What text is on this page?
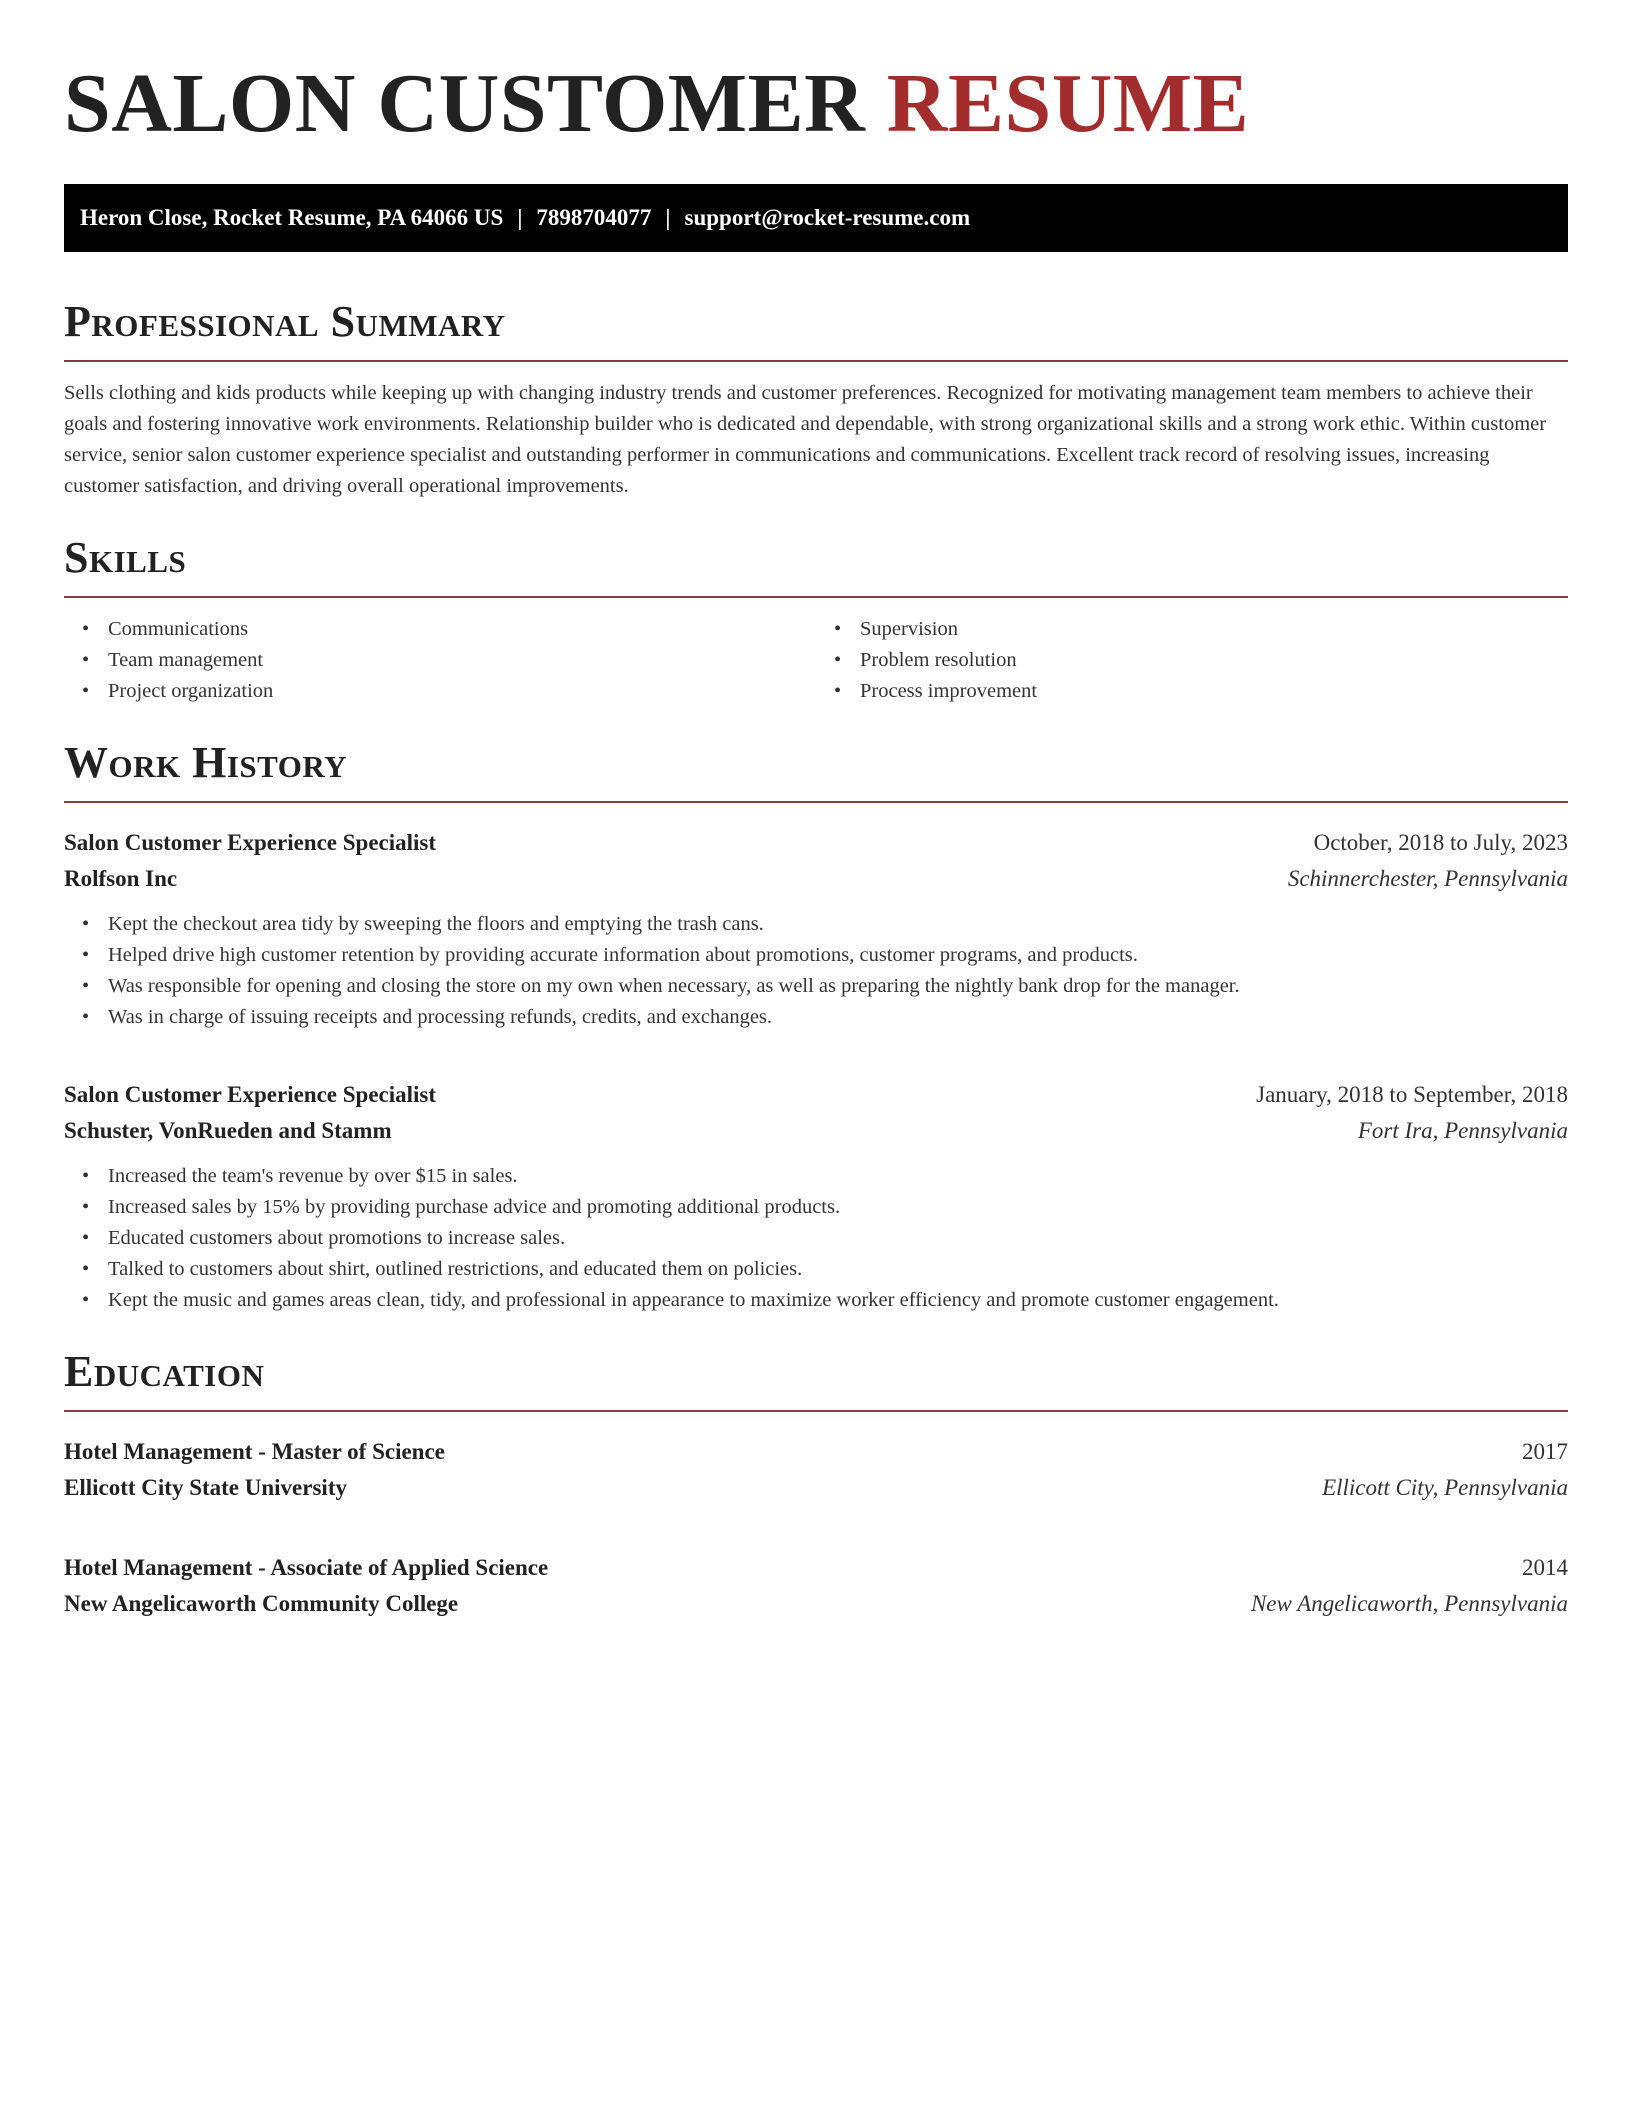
SALON CUSTOMER RESUME
Heron Close, Rocket Resume, PA 64066 US | 7898704077 | support@rocket-resume.com
Professional Summary

Sells clothing and kids products while keeping up with changing industry trends and customer preferences. Recognized for motivating management team members to achieve their goals and fostering innovative work environments. Relationship builder who is dedicated and dependable, with strong organizational skills and a strong work ethic. Within customer service, senior salon customer experience specialist and outstanding performer in communications and communications. Excellent track record of resolving issues, increasing customer satisfaction, and driving overall operational improvements.

Skills
• Communications
• Team management
• Project organization
• Supervision
• Problem resolution
• Process improvement
Work History
Salon Customer Experience Specialist	October, 2018 to July, 2023
Rolfson Inc	Schinnerchester, Pennsylvania
• Kept the checkout area tidy by sweeping the floors and emptying the trash cans.
• Helped drive high customer retention by providing accurate information about promotions, customer programs, and products.
• Was responsible for opening and closing the store on my own when necessary, as well as preparing the nightly bank drop for the manager.
• Was in charge of issuing receipts and processing refunds, credits, and exchanges.
Salon Customer Experience Specialist	January, 2018 to September, 2018
Schuster, VonRueden and Stamm	Fort Ira, Pennsylvania
• Increased the team's revenue by over $15 in sales.
• Increased sales by 15% by providing purchase advice and promoting additional products.
• Educated customers about promotions to increase sales.
• Talked to customers about shirt, outlined restrictions, and educated them on policies.
• Kept the music and games areas clean, tidy, and professional in appearance to maximize worker efficiency and promote customer engagement.
Education
Hotel Management - Master of Science	2017
Ellicott City State University	Ellicott City, Pennsylvania
Hotel Management - Associate of Applied Science	2014
New Angelicaworth Community College	New Angelicaworth, Pennsylvania
